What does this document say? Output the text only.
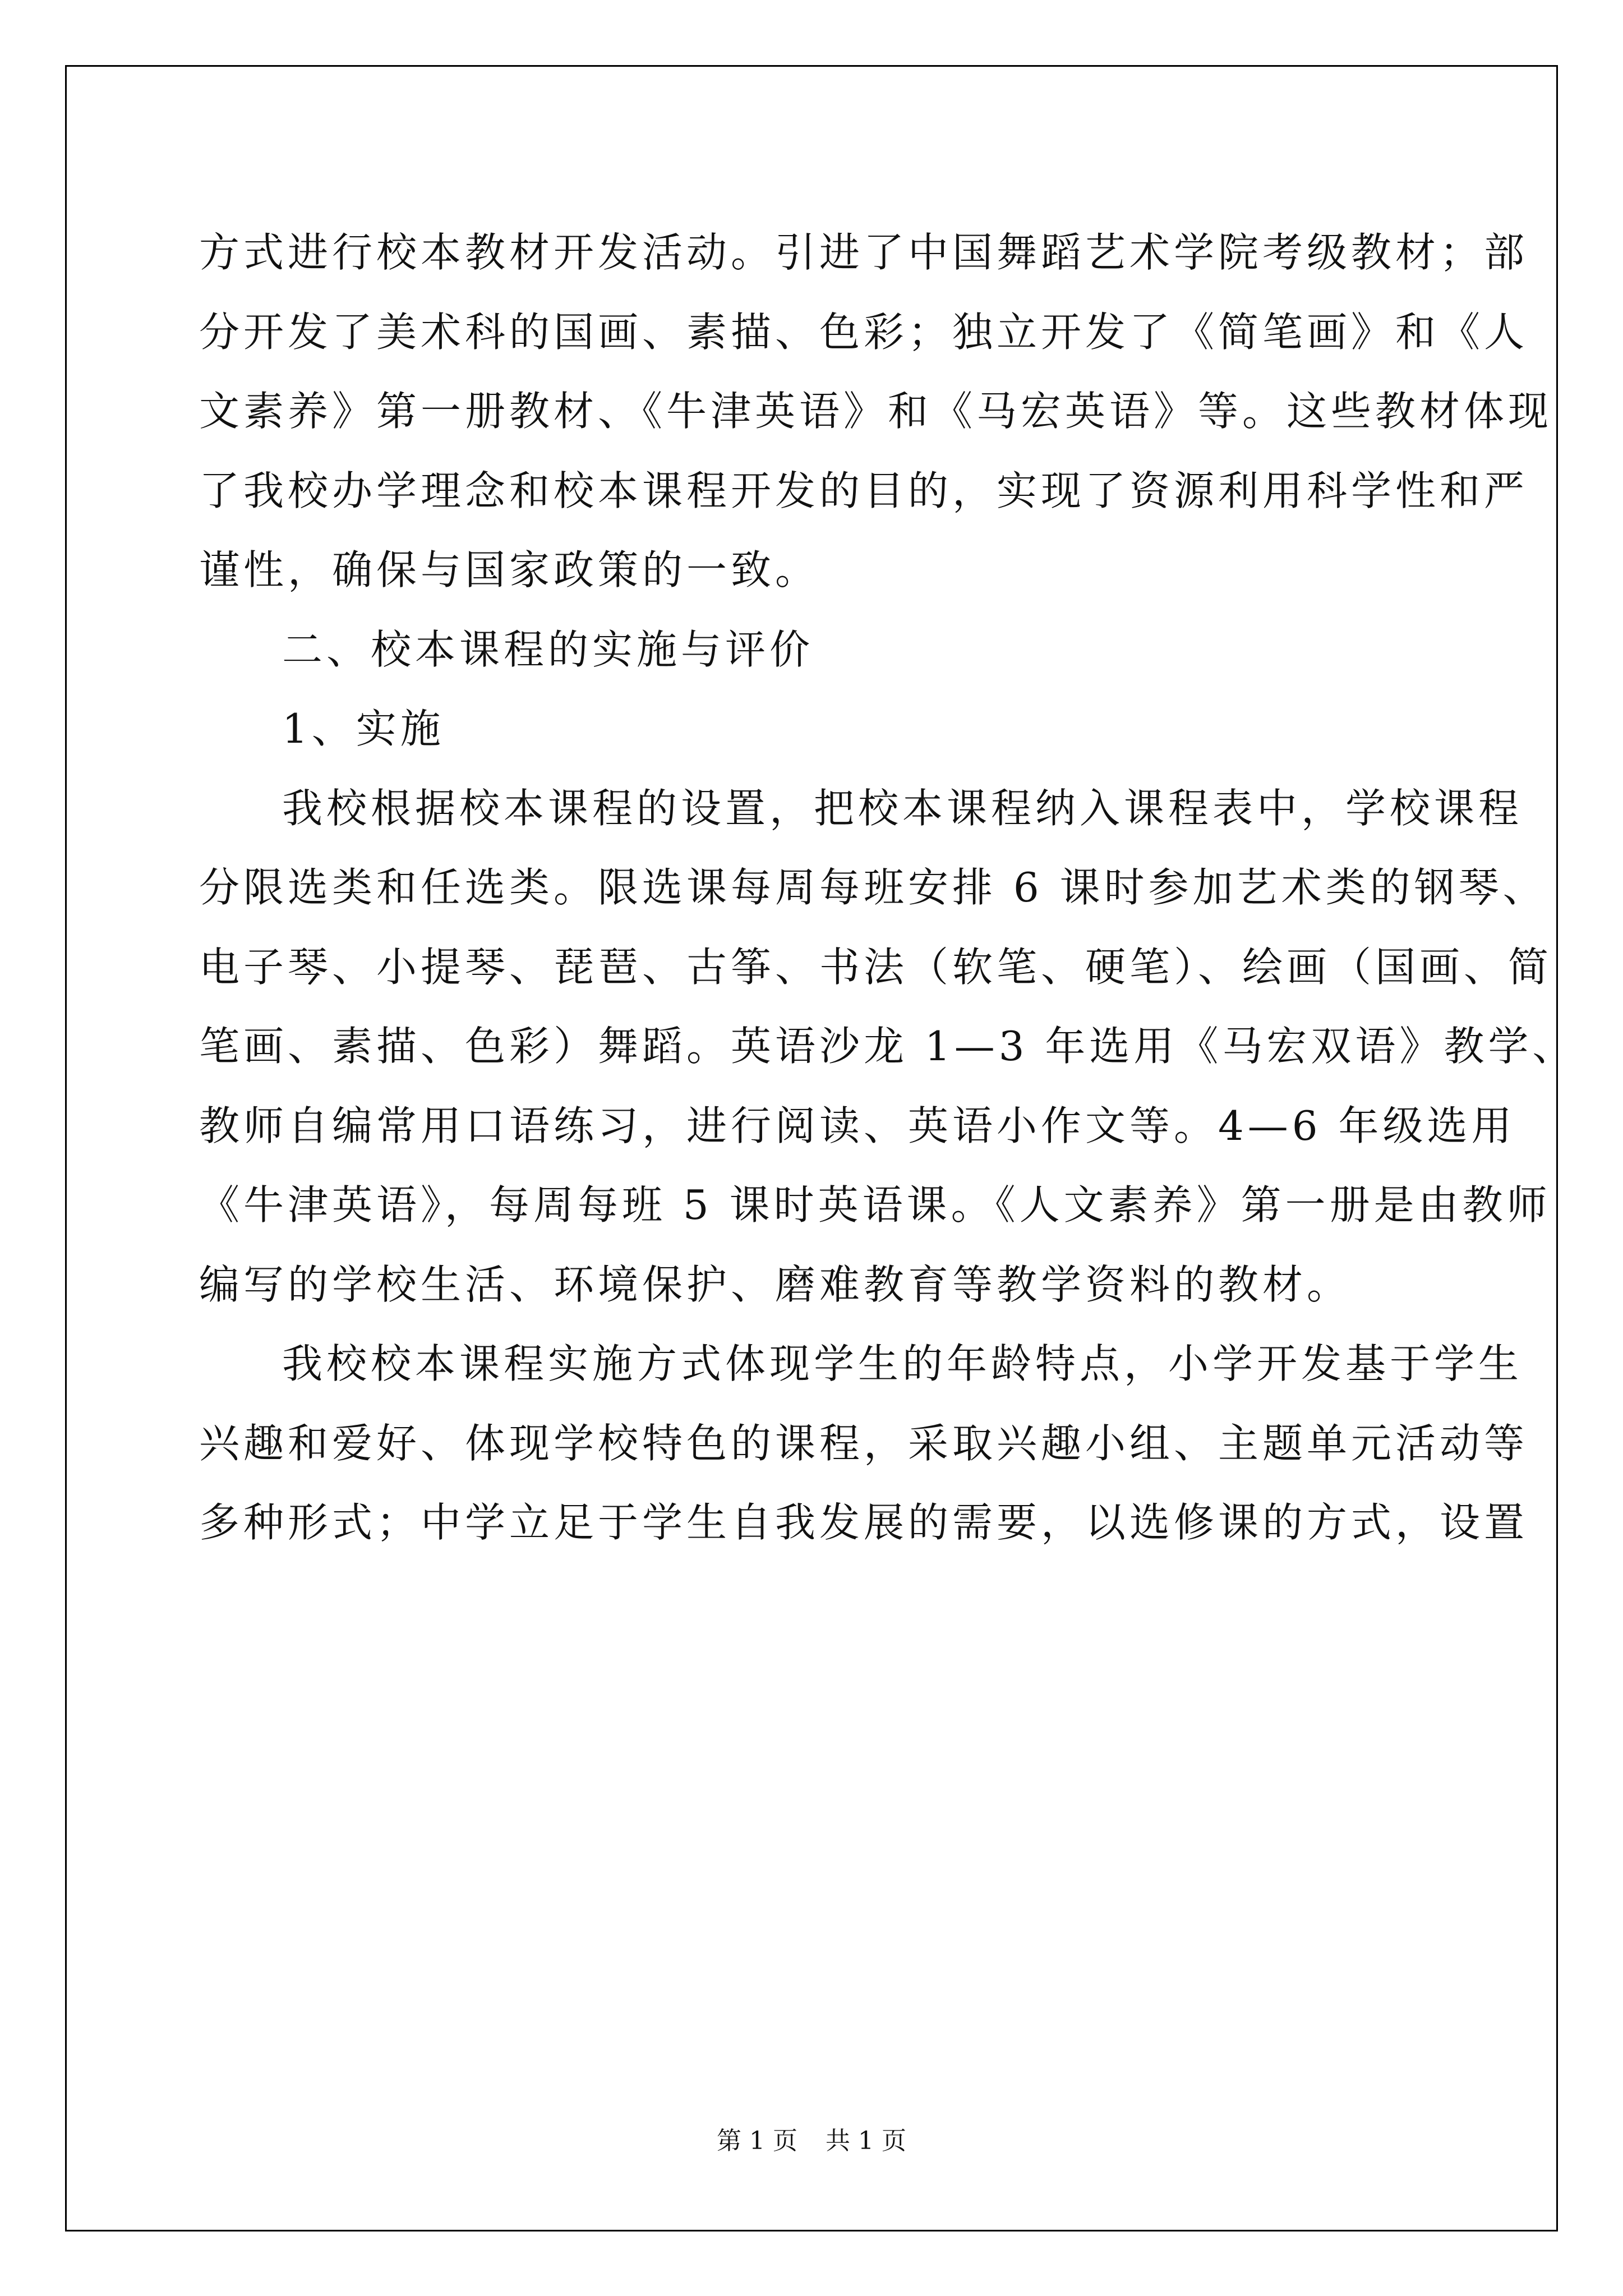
方式进行校本教材开发活动。引进了中国舞蹈艺术学院考级教材；部
分开发了美术科的国画、素描、色彩；独立开发了《简笔画》和《人
文素养》第一册教材、《牛津英语》和《马宏英语》等。这些教材体现
了我校办学理念和校本课程开发的目的，实现了资源利用科学性和严
谨性，确保与国家政策的一致。
二、校本课程的实施与评价
1、实施
我校根据校本课程的设置，把校本课程纳入课程表中，学校课程
分限选类和任选类。限选课每周每班安排 6 课时参加艺术类的钢琴、
电子琴、小提琴、琵琶、古筝、书法（软笔、硬笔）、绘画（国画、简
笔画、素描、色彩）舞蹈。英语沙龙 1—3 年选用《马宏双语》教学、
教师自编常用口语练习，进行阅读、英语小作文等。4—6 年级选用
《牛津英语》，每周每班 5 课时英语课。《人文素养》第一册是由教师
编写的学校生活、环境保护、磨难教育等教学资料的教材。
我校校本课程实施方式体现学生的年龄特点，小学开发基于学生
兴趣和爱好、体现学校特色的课程，采取兴趣小组、主题单元活动等
多种形式；中学立足于学生自我发展的需要，以选修课的方式，设置
第 1 页 共 1 页
